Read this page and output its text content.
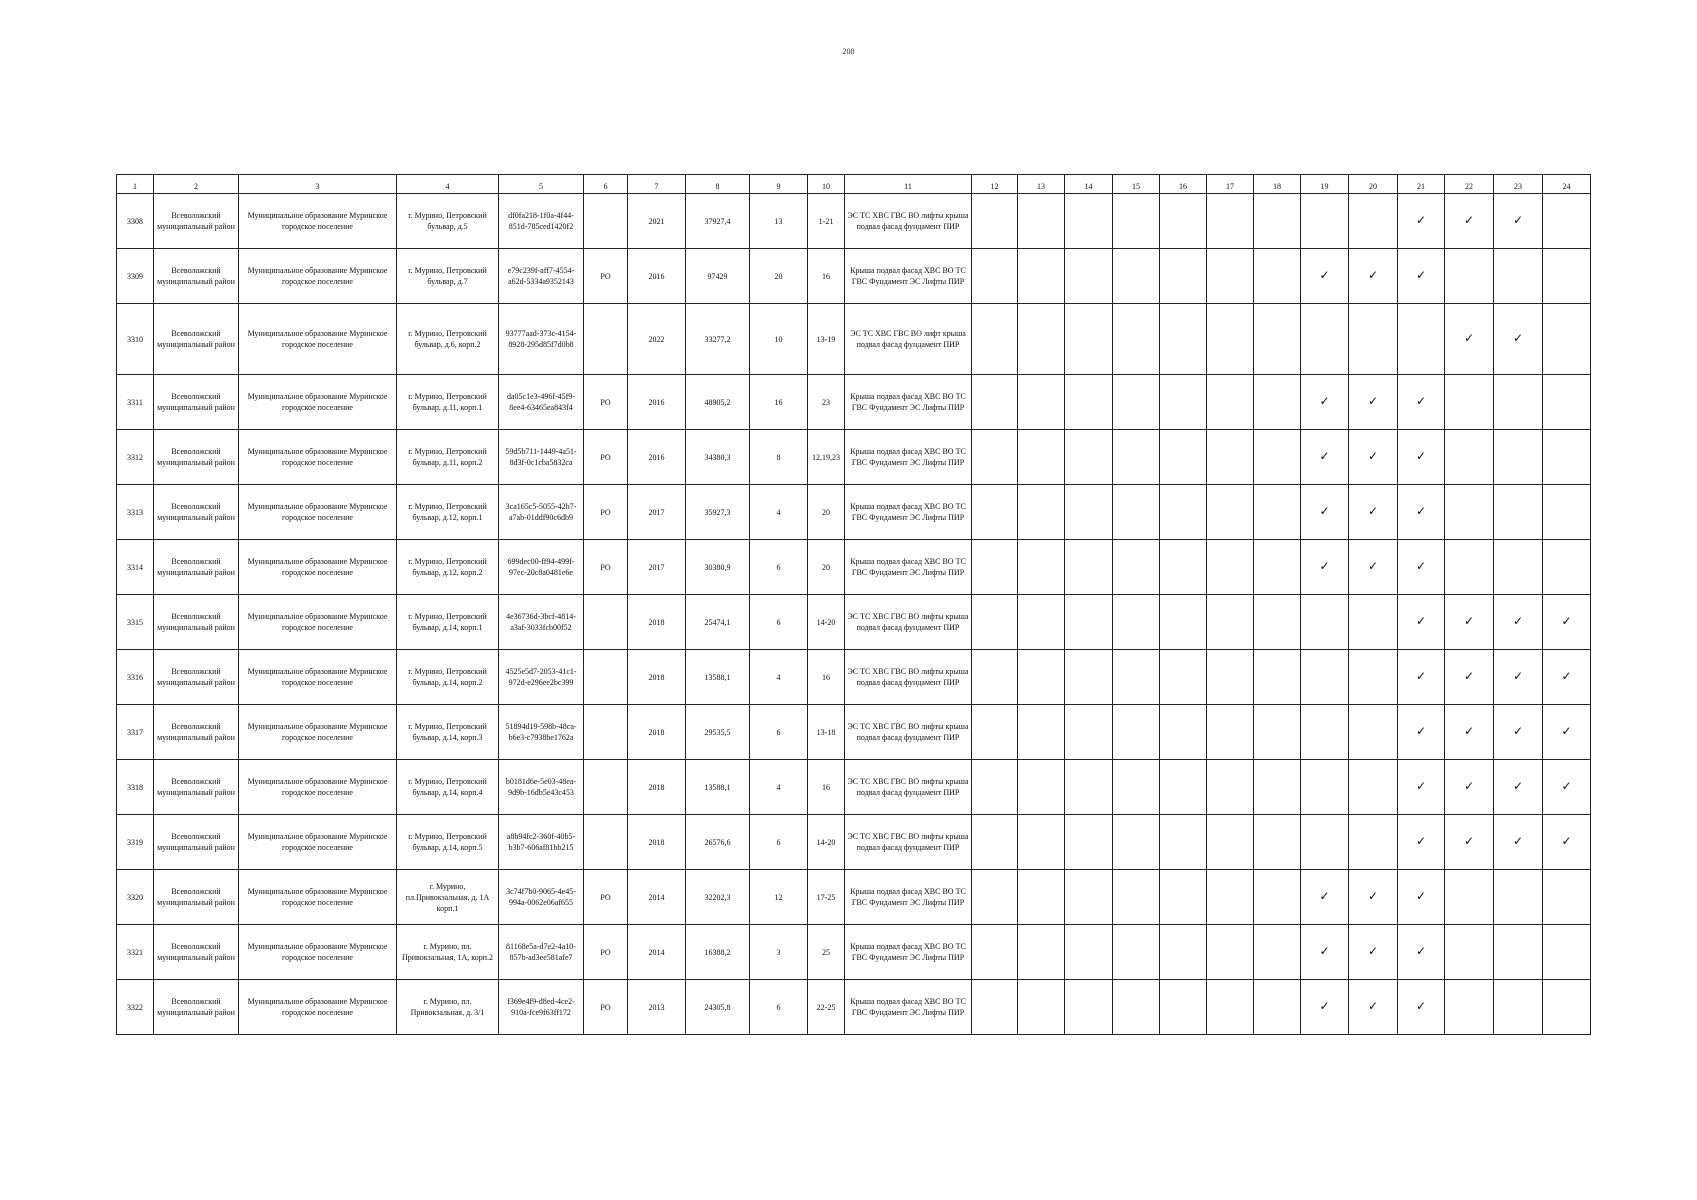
208
1	2	3	4	5	6	7	8	9	10	11	12	13	14	15	16	17	18	19	20	21	22	23	24
3308	Всеволожский муниципальный район	Муниципальное образование Муринское городское поселение	г. Мурино, Петровский бульвар, д.5	df0fa218-1f0a-4f44-851d-785ced1420f2		2021	37927,4	13	1-21	ЭС ТС ХВС ГВС ВО лифты крыша подвал фасад фундамент ПИР										✓	✓	✓	
3309	Всеволожский муниципальный район	Муниципальное образование Муринское городское поселение	г. Мурино, Петровский бульвар, д.7	e79c239f-aff7-4554-a62d-5334a9352143	РО	2016	97429	20	16	Крыша подвал фасад ХВС ВО ТС ГВС Фундамент ЭС Лифты ПИР								✓	✓	✓			
3310	Всеволожский муниципальный район	Муниципальное образование Муринское городское поселение	г. Мурино, Петровский бульвар, д.6, корп.2	93777aad-373c-4154-8928-295d85f7d0b8		2022	33277,2	10	13-19	ЭС ТС ХВС ГВС ВО лифт крыша подвал фасад фундамент ПИР											✓	✓	
3311	Всеволожский муниципальный район	Муниципальное образование Муринское городское поселение	г. Мурино, Петровский бульвар, д.11, корп.1	da05c1e3-496f-45f9-8ee4-63465ea843f4	РО	2016	48905,2	16	23	Крыша подвал фасад ХВС ВО ТС ГВС Фундамент ЭС Лифты ПИР								✓	✓	✓			
3312	Всеволожский муниципальный район	Муниципальное образование Муринское городское поселение	г. Мурино, Петровский бульвар, д.11, корп.2	59d5b711-1449-4a51-8d3f-0c1cba5832ca	РО	2016	34380,3	8	12,19,23	Крыша подвал фасад ХВС ВО ТС ГВС Фундамент ЭС Лифты ПИР								✓	✓	✓			
3313	Всеволожский муниципальный район	Муниципальное образование Муринское городское поселение	г. Мурино, Петровский бульвар, д.12, корп.1	3ca165c5-5055-42b7-a7ab-01ddf90c6db9	РО	2017	35927,3	4	20	Крыша подвал фасад ХВС ВО ТС ГВС Фундамент ЭС Лифты ПИР								✓	✓	✓			
3314	Всеволожский муниципальный район	Муниципальное образование Муринское городское поселение	г. Мурино, Петровский бульвар, д.12, корп.2	699dec00-ff94-499f-97ec-20c8a0481e6e	РО	2017	30380,9	6	20	Крыша подвал фасад ХВС ВО ТС ГВС Фундамент ЭС Лифты ПИР								✓	✓	✓			
3315	Всеволожский муниципальный район	Муниципальное образование Муринское городское поселение	г. Мурино, Петровский бульвар, д.14, корп.1	4e36736d-3bcf-4814-a3af-3033fcb00f52		2018	25474,1	6	14-20	ЭС ТС ХВС ГВС ВО лифты крыша подвал фасад фундамент ПИР										✓	✓	✓	✓
3316	Всеволожский муниципальный район	Муниципальное образование Муринское городское поселение	г. Мурино, Петровский бульвар, д.14, корп.2	4525e5d7-2053-41c1-972d-e296ee2bc399		2018	13588,1	4	16	ЭС ТС ХВС ГВС ВО лифты крыша подвал фасад фундамент ПИР										✓	✓	✓	✓
3317	Всеволожский муниципальный район	Муниципальное образование Муринское городское поселение	г. Мурино, Петровский бульвар, д.14, корп.3	51894d19-598b-48ca-b6e3-c7938be1762a		2018	29535,5	6	13-18	ЭС ТС ХВС ГВС ВО лифты крыша подвал фасад фундамент ПИР										✓	✓	✓	✓
3318	Всеволожский муниципальный район	Муниципальное образование Муринское городское поселение	г. Мурино, Петровский бульвар, д.14, корп.4	b0181d6e-5e03-48ea-9d9b-16db5e43c453		2018	13588,1	4	16	ЭС ТС ХВС ГВС ВО лифты крыша подвал фасад фундамент ПИР										✓	✓	✓	✓
3319	Всеволожский муниципальный район	Муниципальное образование Муринское городское поселение	г. Мурино, Петровский бульвар, д.14, корп.5	a8b94fc2-360f-40b5-b3b7-606af81bb215		2018	26576,6	6	14-20	ЭС ТС ХВС ГВС ВО лифты крыша подвал фасад фундамент ПИР										✓	✓	✓	✓
3320	Всеволожский муниципальный район	Муниципальное образование Муринское городское поселение	г. Мурино, пл.Привокзальная, д. 1А корп.1	3c74f7b0-9065-4e45-994a-0062e06af655	РО	2014	32202,3	12	17-25	Крыша подвал фасад ХВС ВО ТС ГВС Фундамент ЭС Лифты ПИР								✓	✓	✓			
3321	Всеволожский муниципальный район	Муниципальное образование Муринское городское поселение	г. Мурино, пл. Привокзальная, 1А, корп.2	81168e5a-d7e2-4a10-857b-ad3ee581afe7	РО	2014	16388,2	3	25	Крыша подвал фасад ХВС ВО ТС ГВС Фундамент ЭС Лифты ПИР								✓	✓	✓			
3322	Всеволожский муниципальный район	Муниципальное образование Муринское городское поселение	г. Мурино, пл. Привокзальная, д. 3/1	f369e4f9-d8ed-4ce2-910a-fce9f63ff172	РО	2013	24305,8	6	22-25	Крыша подвал фасад ХВС ВО ТС ГВС Фундамент ЭС Лифты ПИР								✓	✓	✓			
